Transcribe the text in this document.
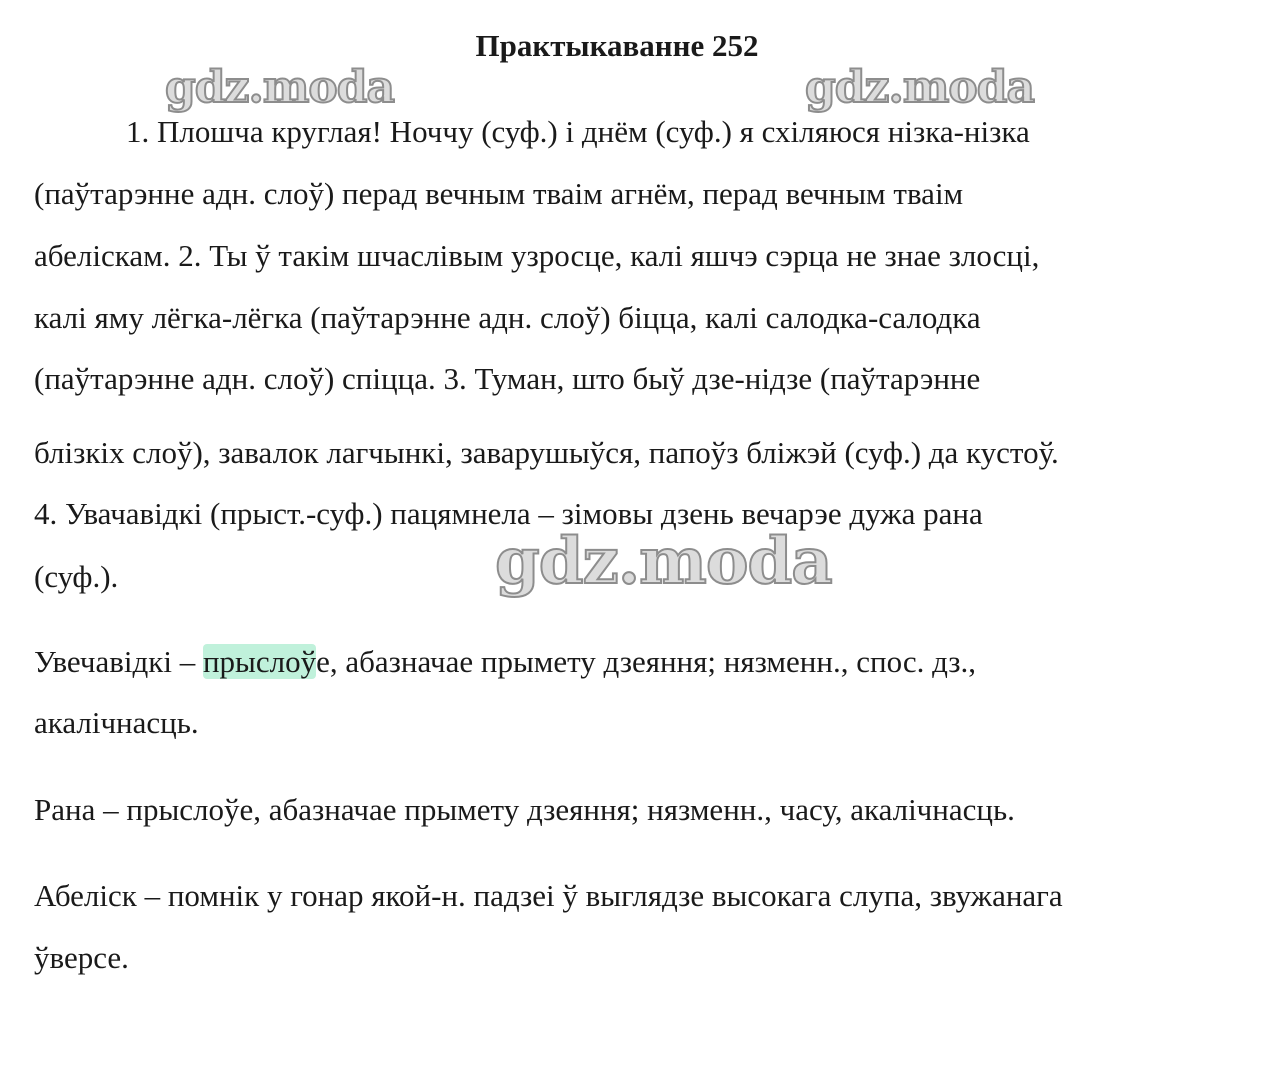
Практыкаванне 252
gdz.moda	gdz.moda
1. Плошча круглая! Ноччу (суф.) і днём (суф.) я схіляюся нізка-нізка
(паўтарэнне адн. слоў) перад вечным тваім агнём, перад вечным тваім
абеліскам. 2. Ты ў такім шчаслівым узросце, калі яшчэ сэрца не знае злосці,
калі яму лёгка-лёгка (паўтарэнне адн. слоў) біцца, калі салодка-салодка
(паўтарэнне адн. слоў) спіцца. 3. Туман, што быў дзе-нідзе (паўтарэнне
блізкіх слоў), завалок лагчынкі, заварушыўся, папоўз бліжэй (суф.) да кустоў.
4. Увачавідкі (прыст.-суф.) пацямнела – зімовы дзень вечарэе дужа рана
(суф.).
Увечавідкі – прыслоўе, абазначае прымету дзеяння; нязменн., спос. дз.,
акалічнасць.
Рана – прыслоўе, абазначае прымету дзеяння; нязменн., часу, акалічнасць.
Абеліск – помнік у гонар якой-н. падзеі ў выглядзе высокага слупа, звужанага
ўверсе.
gdz.moda
